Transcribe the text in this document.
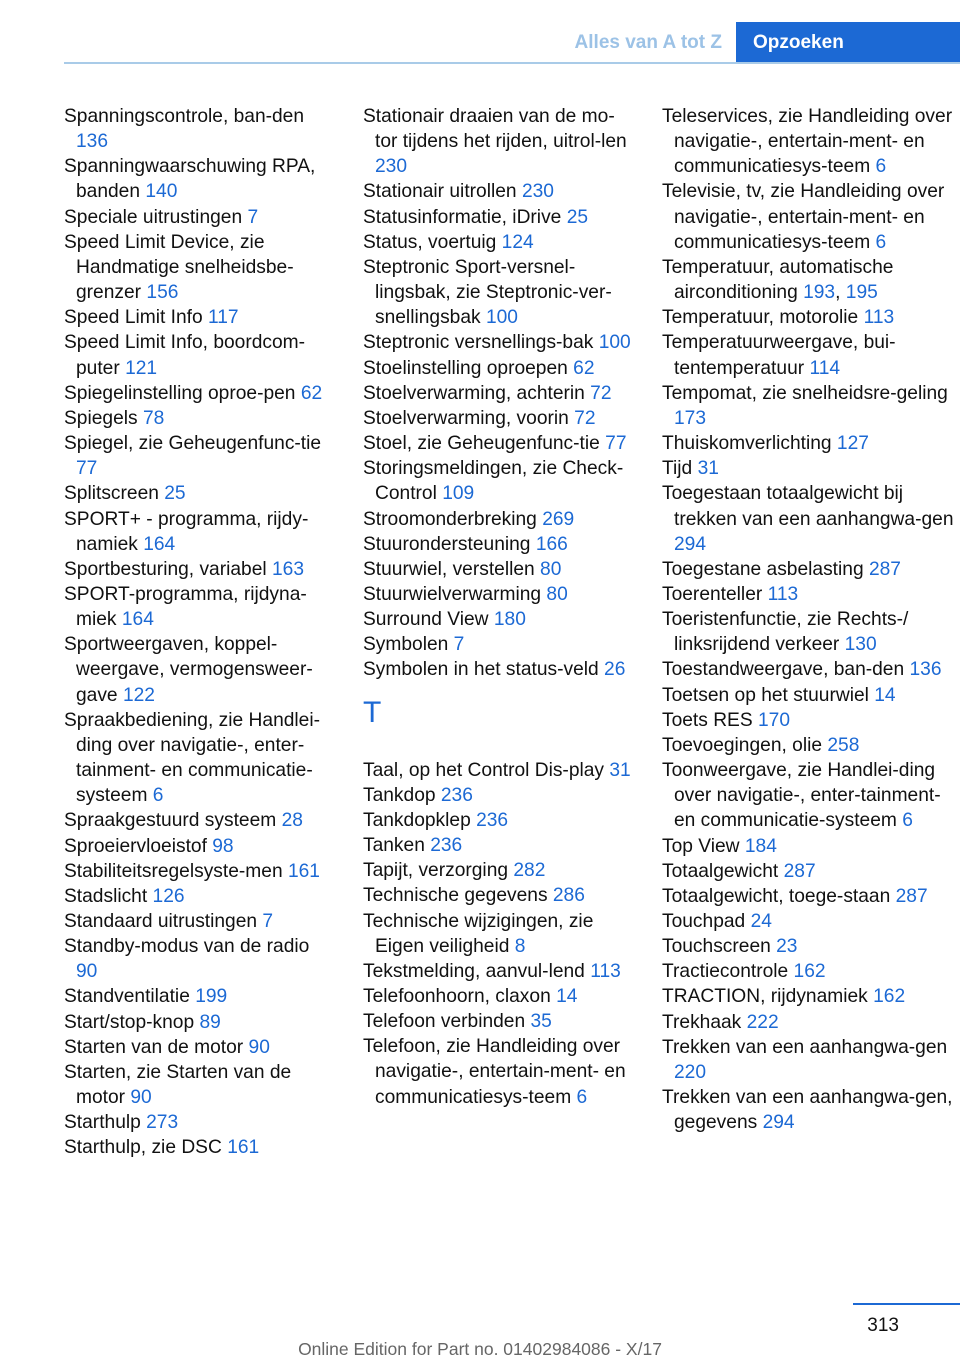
Alles van A tot Z	Opzoeken
Spanningscontrole, ban‐den 136
Spanningwaarschuwing RPA, banden 140
Speciale uitrustingen 7
Speed Limit Device, zie Handmatige snelheidsbe‐grenzer 156
Speed Limit Info 117
Speed Limit Info, boordcom‐puter 121
Spiegelinstelling oproe‐pen 62
Spiegels 78
Spiegel, zie Geheugenfunc‐tie 77
Splitscreen 25
SPORT+ - programma, rijdy‐namiek 164
Sportbesturing, variabel 163
SPORT-programma, rijdyna‐miek 164
Sportweergaven, koppel‐weergave, vermogensweer‐gave 122
Spraakbediening, zie Handlei‐ding over navigatie-, enter‐tainment- en communicatie‐systeem 6
Spraakgestuurd systeem 28
Sproeiervloeistof 98
Stabiliteitsregelsyste‐men 161
Stadslicht 126
Standaard uitrustingen 7
Standby-modus van de radio 90
Standventilatie 199
Start/stop-knop 89
Starten van de motor 90
Starten, zie Starten van de motor 90
Starthulp 273
Starthulp, zie DSC 161
Stationair draaien van de mo‐tor tijdens het rijden, uitrol‐len 230
Stationair uitrollen 230
Statusinformatie, iDrive 25
Status, voertuig 124
Steptronic Sport-versnel‐lingsbak, zie Steptronic-ver‐snellingsbak 100
Steptronic versnellings‐bak 100
Stoelinstelling oproepen 62
Stoelverwarming, achterin 72
Stoelverwarming, voorin 72
Stoel, zie Geheugenfunc‐tie 77
Storingsmeldingen, zie Check-Control 109
Stroomonderbreking 269
Stuurondersteuning 166
Stuurwiel, verstellen 80
Stuurwielverwarming 80
Surround View 180
Symbolen 7
Symbolen in het status‐veld 26
T
Taal, op het Control Dis‐play 31
Tankdop 236
Tankdopklep 236
Tanken 236
Tapijt, verzorging 282
Technische gegevens 286
Technische wijzigingen, zie Eigen veiligheid 8
Tekstmelding, aanvul‐lend 113
Telefoonhoorn, claxon 14
Telefoon verbinden 35
Telefoon, zie Handleiding over navigatie-, entertain‐ment- en communicatiesys‐teem 6
Teleservices, zie Handleiding over navigatie-, entertain‐ment- en communicatiesys‐teem 6
Televisie, tv, zie Handleiding over navigatie-, entertain‐ment- en communicatiesys‐teem 6
Temperatuur, automatische airconditioning 193, 195
Temperatuur, motorolie 113
Temperatuurweergave, bui‐tentemperatuur 114
Tempomat, zie snelheidsre‐geling 173
Thuiskomverlichting 127
Tijd 31
Toegestaan totaalgewicht bij trekken van een aanhangwa‐gen 294
Toegestane asbelasting 287
Toerenteller 113
Toeristenfunctie, zie Rechts-/ linksrijdend verkeer 130
Toestandweergave, ban‐den 136
Toetsen op het stuurwiel 14
Toets RES 170
Toevoegingen, olie 258
Toonweergave, zie Handlei‐ding over navigatie-, enter‐tainment- en communicatie‐systeem 6
Top View 184
Totaalgewicht 287
Totaalgewicht, toege‐staan 287
Touchpad 24
Touchscreen 23
Tractiecontrole 162
TRACTION, rijdynamiek 162
Trekhaak 222
Trekken van een aanhangwa‐gen 220
Trekken van een aanhangwa‐gen, gegevens 294
313
Online Edition for Part no. 01402984086 - X/17
